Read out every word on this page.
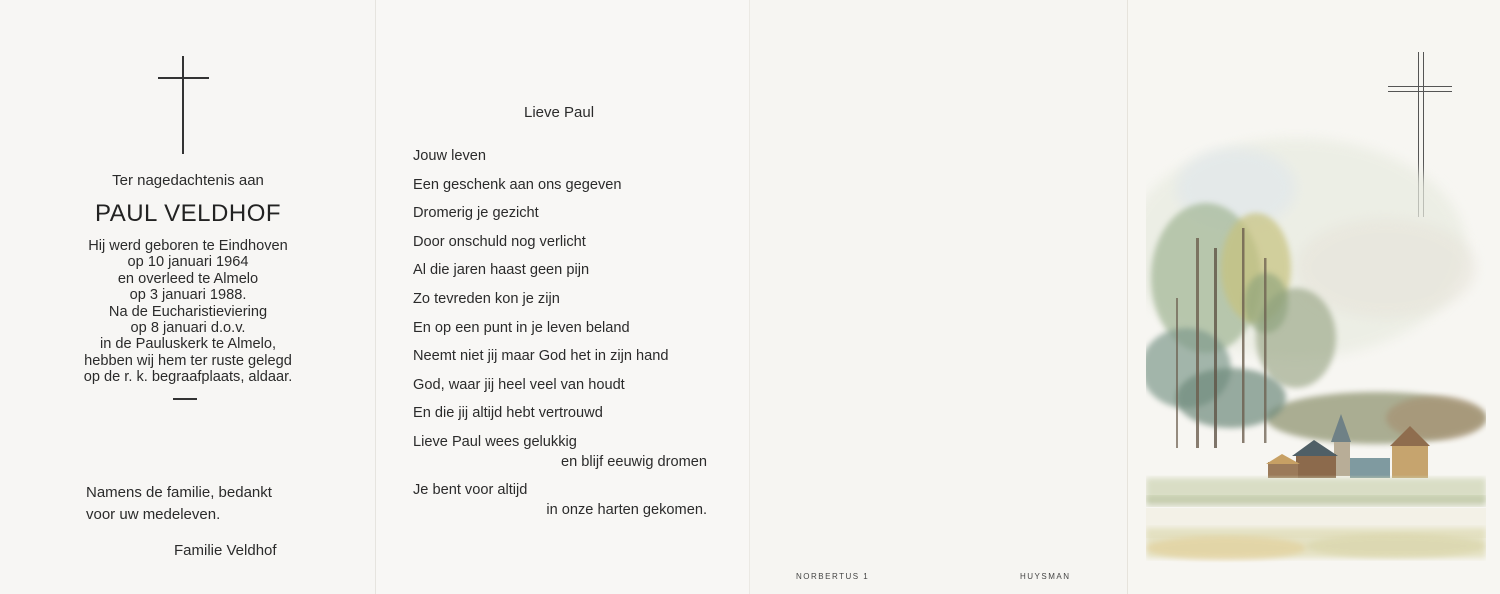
Ter nagedachtenis aan
PAUL VELDHOF
Hij werd geboren te Eindhoven
op 10 januari 1964
en overleed te Almelo
op 3 januari 1988.
Na de Eucharistieviering
op 8 januari d.o.v.
in de Pauluskerk te Almelo,
hebben wij hem ter ruste gelegd
op de r. k. begraafplaats, aldaar.
Namens de familie, bedankt
voor uw medeleven.
Familie Veldhof
Lieve Paul
Jouw leven
Een geschenk aan ons gegeven
Dromerig je gezicht
Door onschuld nog verlicht
Al die jaren haast geen pijn
Zo tevreden kon je zijn
En op een punt in je leven beland
Neemt niet jij maar God het in zijn hand
God, waar jij heel veel van houdt
En die jij altijd hebt vertrouwd
Lieve Paul wees gelukkig
en blijf eeuwig dromen
Je bent voor altijd
in onze harten gekomen.
NORBERTUS 1	HUYSMAN
